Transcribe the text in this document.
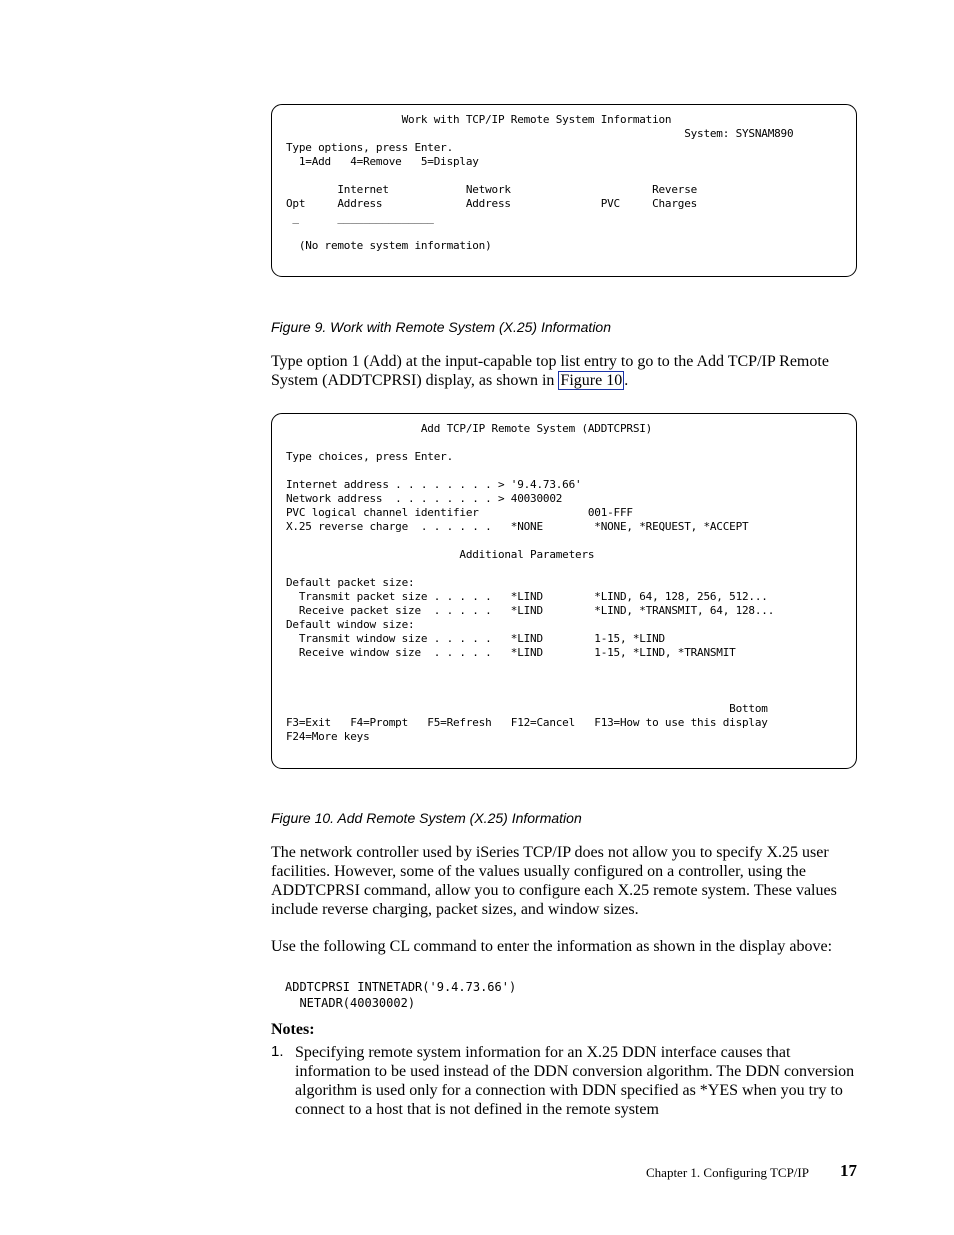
Work with TCP/IP Remote System Information
System: SYSNAM890
Type options, press Enter.
1=Add   4=Remove   5=Display

Internet            Network                      Reverse
Opt     Address             Address              PVC     Charges
_      _______________

(No remote system information)
Figure 9. Work with Remote System (X.25) Information

Type option 1 (Add) at the input-capable top list entry to go to the Add TCP/IP Remote System (ADDTCPRSI) display, as shown in Figure 10 .

Add TCP/IP Remote System (ADDTCPRSI)

Type choices, press Enter.

Internet address . . . . . . . . > '9.4.73.66'
Network address  . . . . . . . . > 40030002
PVC logical channel identifier                 001-FFF
X.25 reverse charge  . . . . . .   *NONE        *NONE, *REQUEST, *ACCEPT

Additional Parameters

Default packet size:
Transmit packet size . . . . .   *LIND        *LIND, 64, 128, 256, 512...
Receive packet size  . . . . .   *LIND        *LIND, *TRANSMIT, 64, 128...
Default window size:
Transmit window size . . . . .   *LIND        1-15, *LIND
Receive window size  . . . . .   *LIND        1-15, *LIND, *TRANSMIT

Bottom
F3=Exit   F4=Prompt   F5=Refresh   F12=Cancel   F13=How to use this display
F24=More keys
Figure 10. Add Remote System (X.25) Information

The network controller used by iSeries TCP/IP does not allow you to specify X.25 user facilities. However, some of the values usually configured on a controller, using the ADDTCPRSI command, allow you to configure each X.25 remote system. These values include reverse charging, packet sizes, and window sizes.

Use the following CL command to enter the information as shown in the display above:

ADDTCPRSI INTNETADR('9.4.73.66')
NETADR(40030002)
Notes:
1. Specifying remote system information for an X.25 DDN interface causes that information to be used instead of the DDN conversion algorithm. The DDN conversion algorithm is used only for a connection with DDN specified as *YES when you try to connect to a host that is not defined in the remote system

Chapter 1. Configuring TCP/IP 17
